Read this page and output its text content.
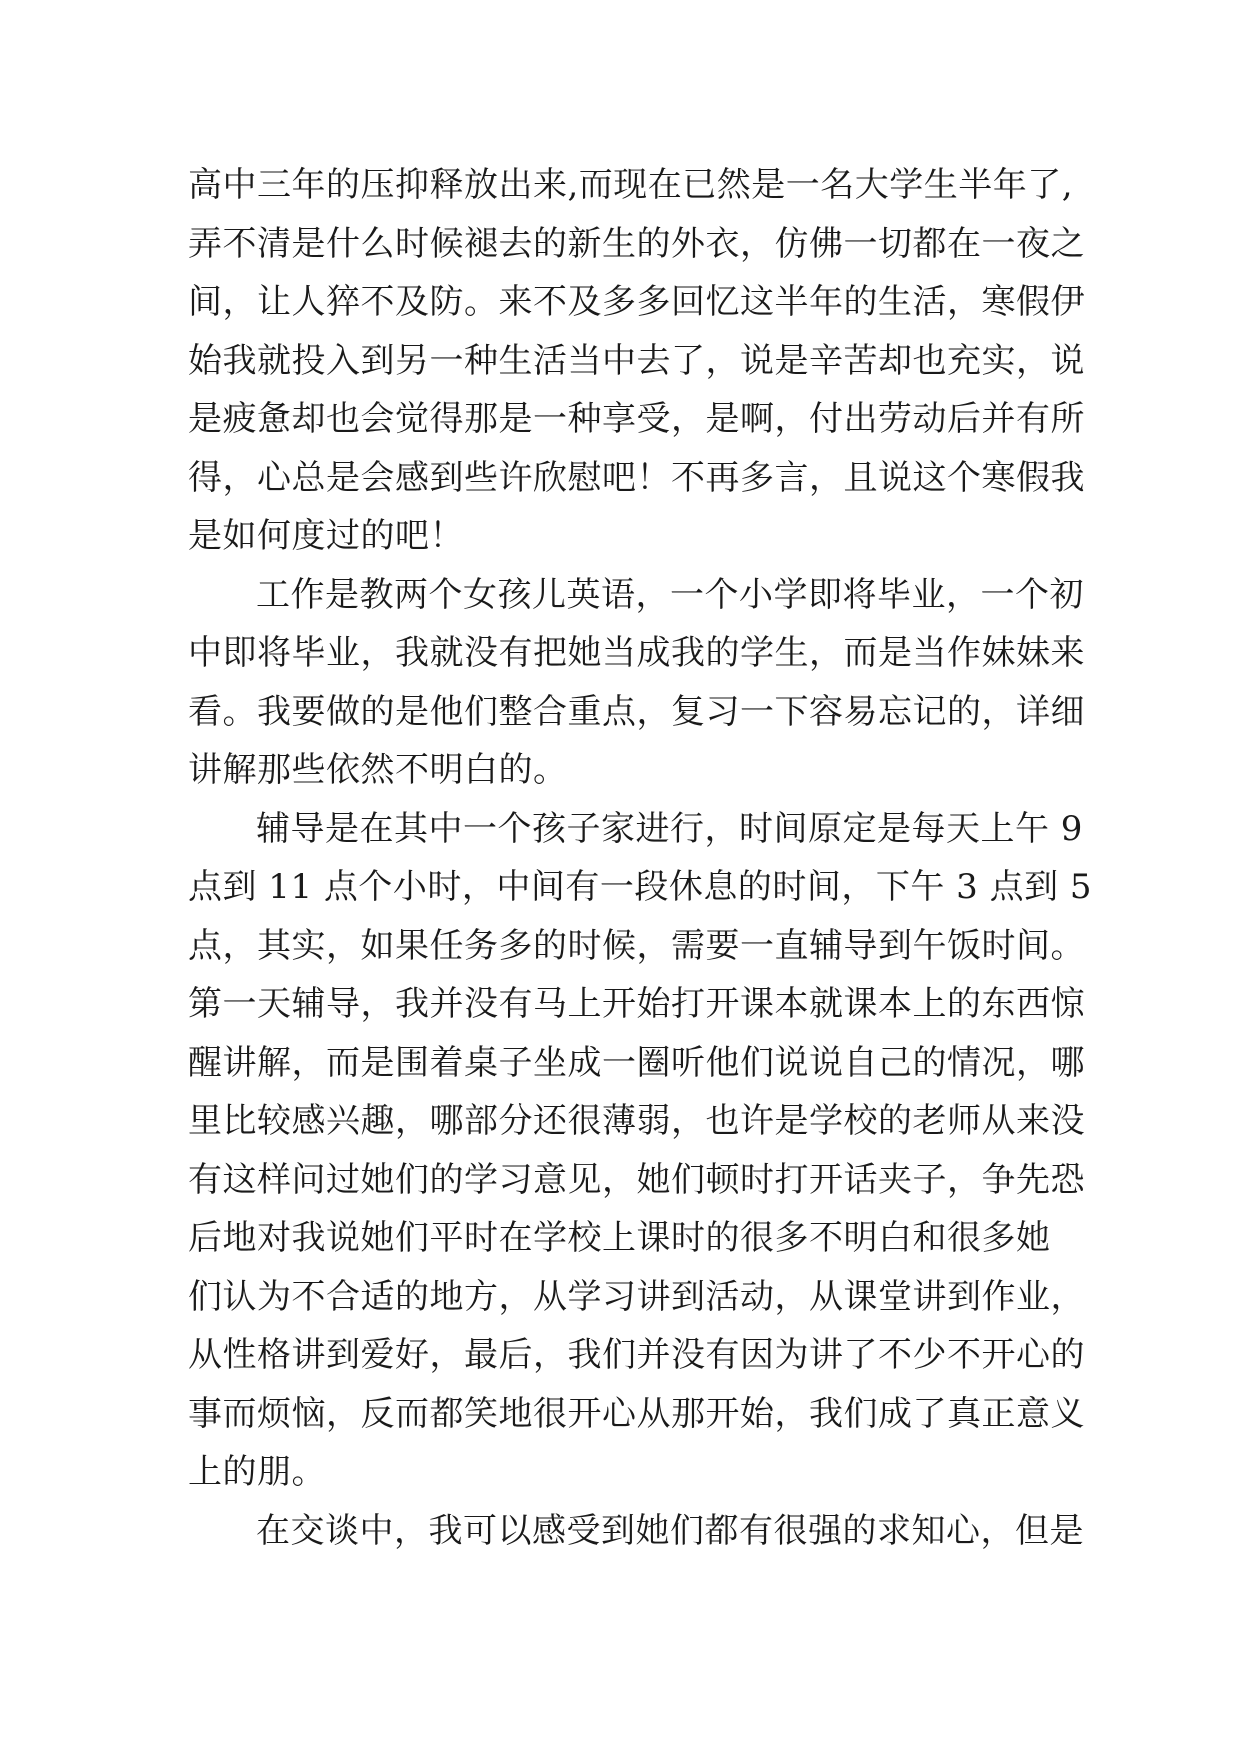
高中三年的压抑释放出来,而现在已然是一名大学生半年了,
弄不清是什么时候褪去的新生的外衣，仿佛一切都在一夜之
间，让人猝不及防。来不及多多回忆这半年的生活，寒假伊
始我就投入到另一种生活当中去了，说是辛苦却也充实，说
是疲惫却也会觉得那是一种享受，是啊，付出劳动后并有所
得，心总是会感到些许欣慰吧！不再多言，且说这个寒假我
是如何度过的吧！
工作是教两个女孩儿英语，一个小学即将毕业，一个初
中即将毕业，我就没有把她当成我的学生，而是当作妹妹来
看。我要做的是他们整合重点，复习一下容易忘记的，详细
讲解那些依然不明白的。
辅导是在其中一个孩子家进行，时间原定是每天上午 9
点到 11 点个小时，中间有一段休息的时间，下午 3 点到 5
点，其实，如果任务多的时候，需要一直辅导到午饭时间。
第一天辅导，我并没有马上开始打开课本就课本上的东西惊
醒讲解，而是围着桌子坐成一圈听他们说说自己的情况，哪
里比较感兴趣，哪部分还很薄弱，也许是学校的老师从来没
有这样问过她们的学习意见，她们顿时打开话夹子，争先恐
后地对我说她们平时在学校上课时的很多不明白和很多她
们认为不合适的地方，从学习讲到活动，从课堂讲到作业，
从性格讲到爱好，最后，我们并没有因为讲了不少不开心的
事而烦恼，反而都笑地很开心从那开始，我们成了真正意义
上的朋。
在交谈中，我可以感受到她们都有很强的求知心，但是
